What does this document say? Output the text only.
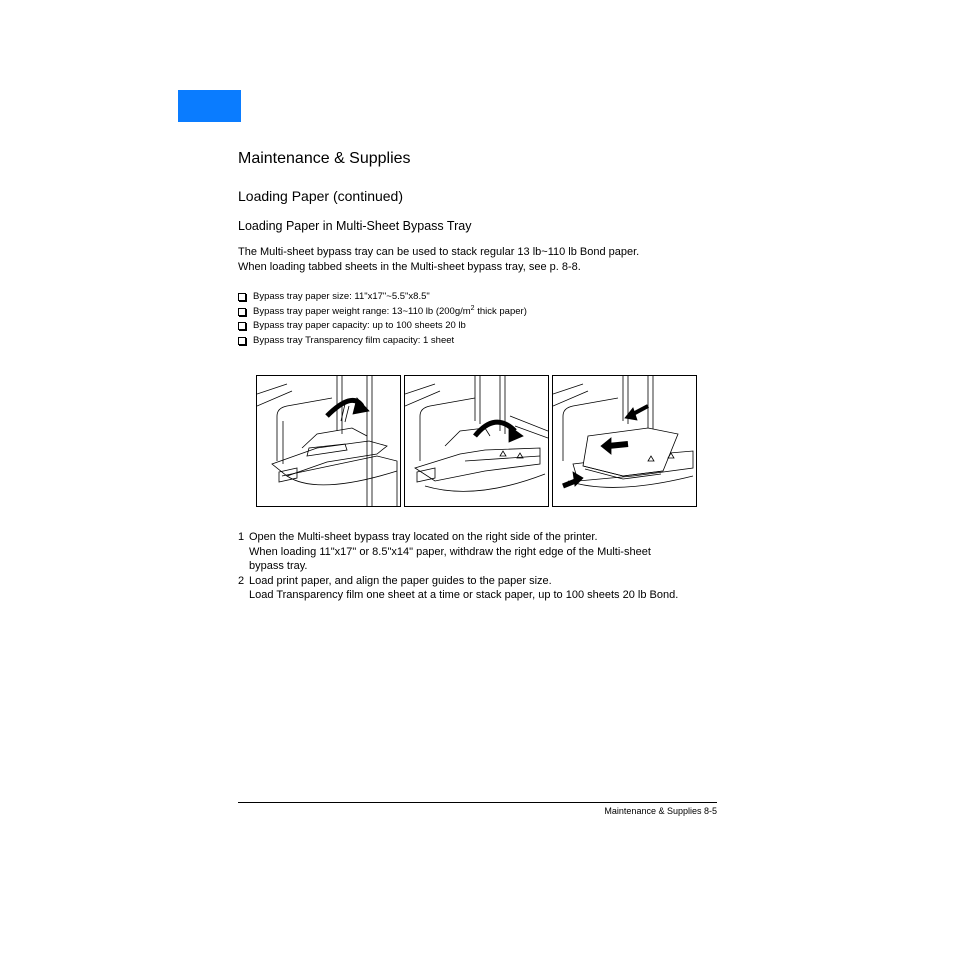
Maintenance & Supplies
Loading Paper (continued)
Loading Paper in Multi-Sheet Bypass Tray
The Multi-sheet bypass tray can be used to stack regular 13 lb~110 lb Bond paper.
When loading tabbed sheets in the Multi-sheet bypass tray, see p. 8-8.
Bypass tray paper size: 11"x17"~5.5"x8.5"
Bypass tray paper weight range: 13~110 lb ($200g/m^2$ thick paper)
Bypass tray paper capacity: up to 100 sheets 20 lb
Bypass tray Transparency film capacity: 1 sheet
1 Open the Multi-sheet bypass tray located on the right side of the printer.
When loading 11"x17" or 8.5"x14" paper, withdraw the right edge of the Multi-sheet
bypass tray.
2 Load print paper, and align the paper guides to the paper size.
Load Transparency film one sheet at a time or stack paper, up to 100 sheets 20 lb Bond.
Maintenance & Supplies 8-5
